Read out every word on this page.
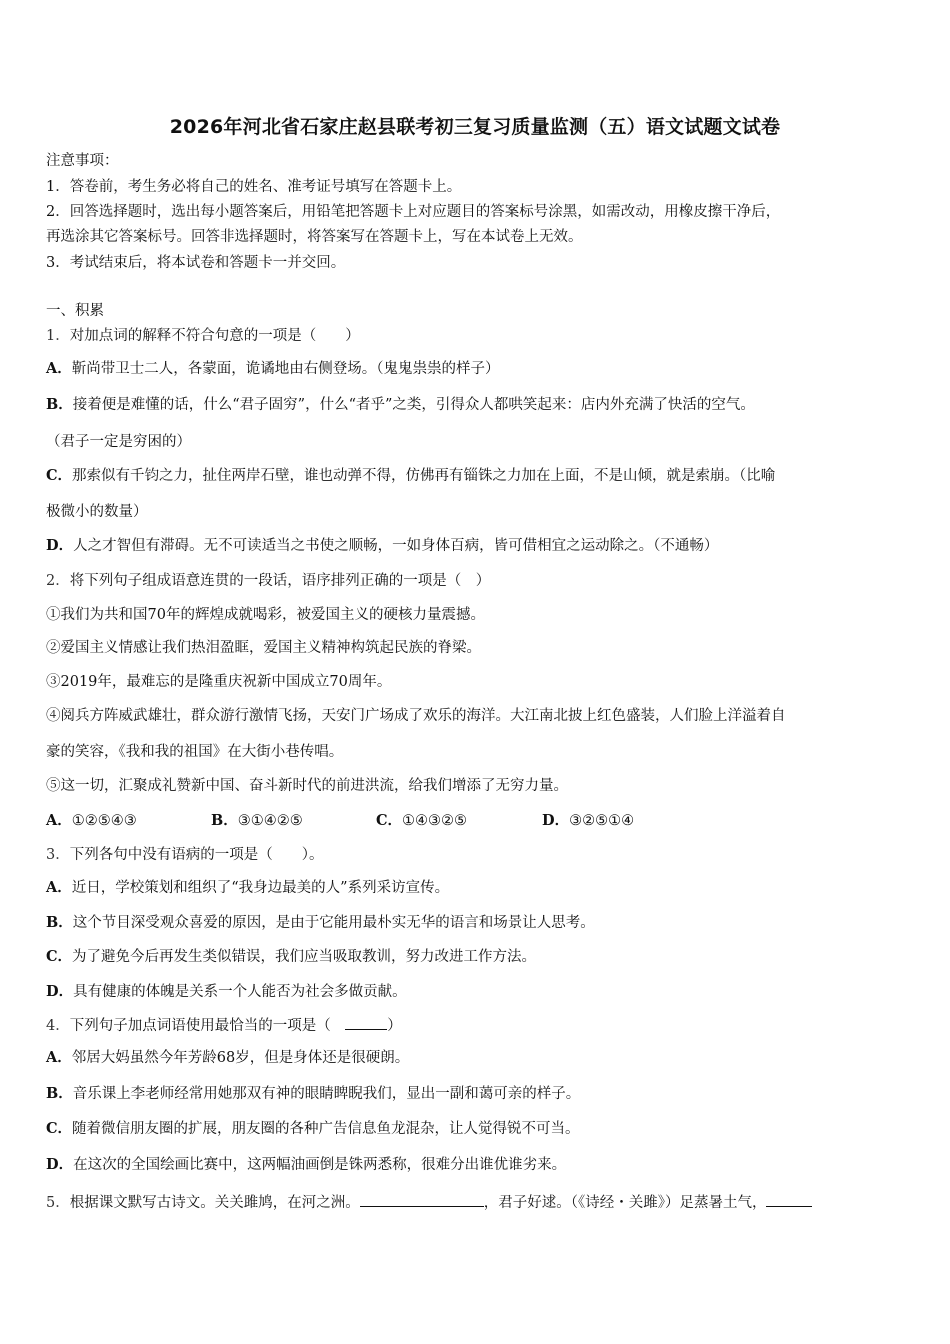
2026年河北省石家庄赵县联考初三复习质量监测（五）语文试题文试卷
注意事项：
1．答卷前，考生务必将自己的姓名、准考证号填写在答题卡上。
2．回答选择题时，选出每小题答案后，用铅笔把答题卡上对应题目的答案标号涂黑，如需改动，用橡皮擦干净后，
再选涂其它答案标号。回答非选择题时，将答案写在答题卡上，写在本试卷上无效。
3．考试结束后，将本试卷和答题卡一并交回。
一、积累
1．对加点词的解释不符合句意的一项是（　　）
A．靳尚带卫士二人，各蒙面，诡谲地由右侧登场。（鬼鬼祟祟的样子）
B．接着便是难懂的话，什么“君子固穷”，什么“者乎”之类，引得众人都哄笑起来：店内外充满了快活的空气。
（君子一定是穷困的）
C．那索似有千钧之力，扯住两岸石壁，谁也动弹不得，仿佛再有锱铢之力加在上面，不是山倾，就是索崩。（比喻
极微小的数量）
D．人之才智但有滞碍。无不可读适当之书使之顺畅，一如身体百病，皆可借相宜之运动除之。（不通畅）
2．将下列句子组成语意连贯的一段话，语序排列正确的一项是（　）
①我们为共和国70年的辉煌成就喝彩，被爱国主义的硬核力量震撼。
②爱国主义情感让我们热泪盈眶，爱国主义精神构筑起民族的脊梁。
③2019年，最难忘的是隆重庆祝新中国成立70周年。
④阅兵方阵威武雄壮，群众游行激情飞扬，天安门广场成了欢乐的海洋。大江南北披上红色盛装，人们脸上洋溢着自
豪的笑容，《我和我的祖国》在大街小巷传唱。
⑤这一切，汇聚成礼赞新中国、奋斗新时代的前进洪流，给我们增添了无穷力量。
A．①②⑤④③	B．③①④②⑤	C．①④③②⑤	D．③②⑤①④
3．下列各句中没有语病的一项是（　　）。
A．近日，学校策划和组织了“我身边最美的人”系列采访宣传。
B．这个节目深受观众喜爱的原因，是由于它能用最朴实无华的语言和场景让人思考。
C．为了避免今后再发生类似错误，我们应当吸取教训，努力改进工作方法。
D．具有健康的体魄是关系一个人能否为社会多做贡献。
4．下列句子加点词语使用最恰当的一项是（　	）
A．邻居大妈虽然今年芳龄68岁，但是身体还是很硬朗。
B．音乐课上李老师经常用她那双有神的眼睛睥睨我们，显出一副和蔼可亲的样子。
C．随着微信朋友圈的扩展，朋友圈的各种广告信息鱼龙混杂，让人觉得锐不可当。
D．在这次的全国绘画比赛中，这两幅油画倒是铢两悉称，很难分出谁优谁劣来。
5．根据课文默写古诗文。关关雎鸠，在河之洲。	，君子好逑。（《诗经・关雎》）足蒸暑土气，
